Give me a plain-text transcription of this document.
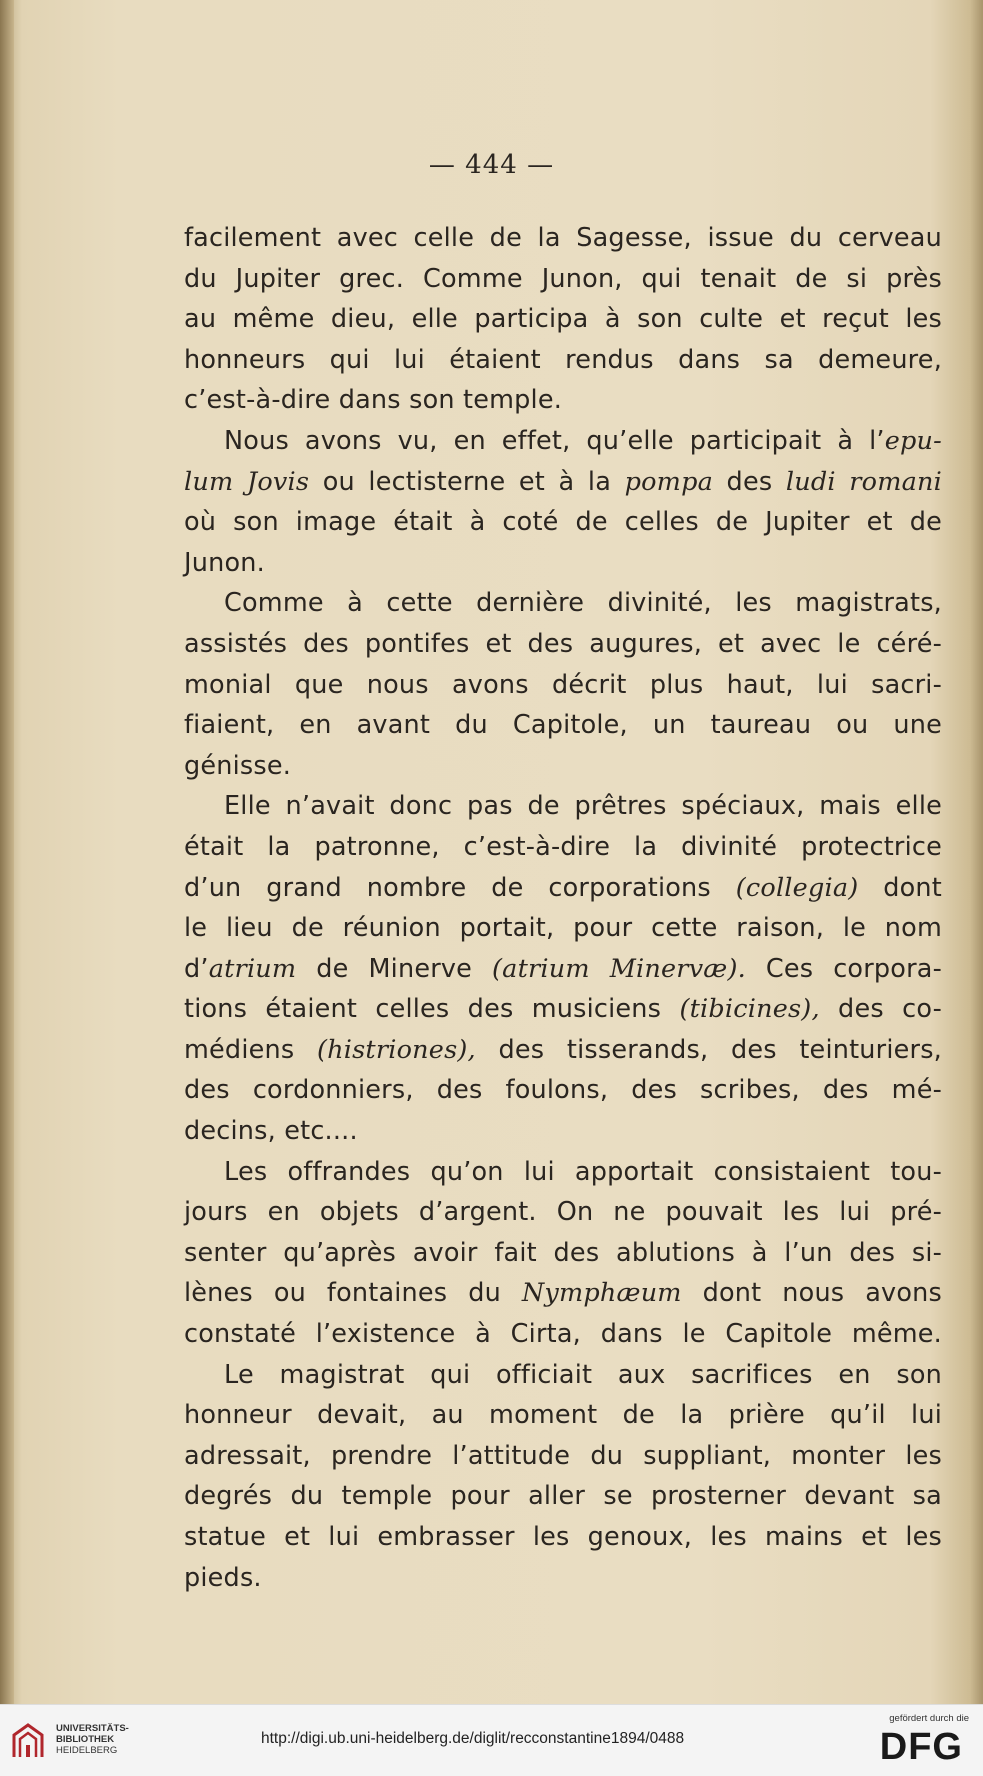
— 444 —
facilement avec celle de la Sagesse, issue du cerveau
du Jupiter grec. Comme Junon, qui tenait de si près
au même dieu, elle participa à son culte et reçut les
honneurs qui lui étaient rendus dans sa demeure,
c’est-à-dire dans son temple.
Nous avons vu, en effet, qu’elle participait à l’epu-
lum Jovis ou lectisterne et à la pompa des ludi romani
où son image était à coté de celles de Jupiter et de
Junon.
Comme à cette dernière divinité, les magistrats,
assistés des pontifes et des augures, et avec le céré-
monial que nous avons décrit plus haut, lui sacri-
fiaient, en avant du Capitole, un taureau ou une
génisse.
Elle n’avait donc pas de prêtres spéciaux, mais elle
était la patronne, c’est-à-dire la divinité protectrice
d’un grand nombre de corporations (collegia) dont
le lieu de réunion portait, pour cette raison, le nom
d’atrium de Minerve (atrium Minervæ). Ces corpora-
tions étaient celles des musiciens (tibicines), des co-
médiens (histriones), des tisserands, des teinturiers,
des cordonniers, des foulons, des scribes, des mé-
decins, etc....
Les offrandes qu’on lui apportait consistaient tou-
jours en objets d’argent. On ne pouvait les lui pré-
senter qu’après avoir fait des ablutions à l’un des si-
lènes ou fontaines du Nymphæum dont nous avons
constaté l’existence à Cirta, dans le Capitole même.
Le magistrat qui officiait aux sacrifices en son
honneur devait, au moment de la prière qu’il lui
adressait, prendre l’attitude du suppliant, monter les
degrés du temple pour aller se prosterner devant sa
statue et lui embrasser les genoux, les mains et les
pieds.
UNIVERSITÄTS-
BIBLIOTHEK
HEIDELBERG
http://digi.ub.uni-heidelberg.de/diglit/recconstantine1894/0488
gefördert durch die
DFG
